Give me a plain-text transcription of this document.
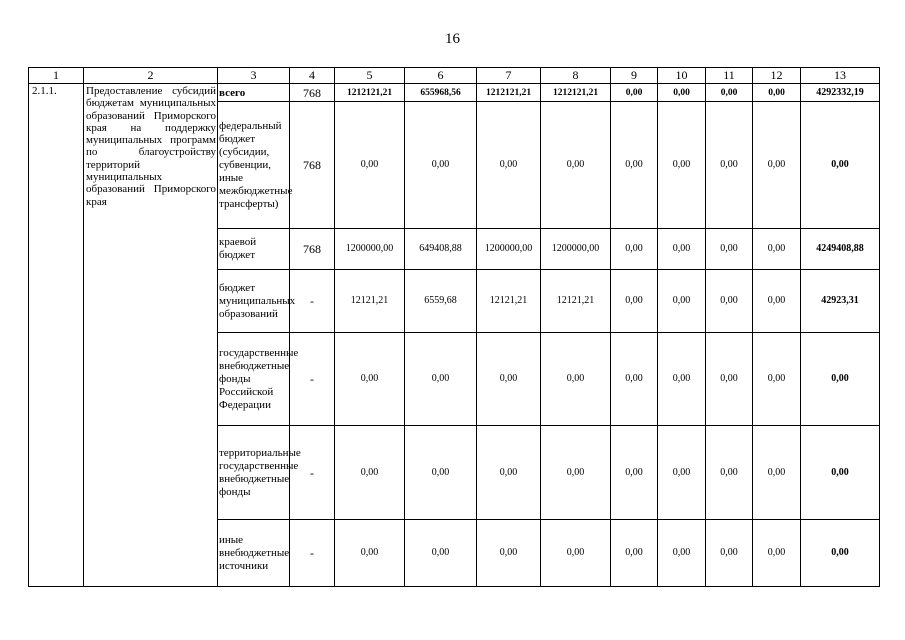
16
1	2	3	4	5	6	7	8	9	10	11	12	13
2.1.1.	Предоставление субсидий бюджетам муниципальных образований Приморского края на поддержку муниципальных программ по благоустройству территорий муниципальных образований Приморского края	всего	768	1212121,21	655968,56	1212121,21	1212121,21	0,00	0,00	0,00	0,00	4292332,19
		федеральный бюджет (субсидии, субвенции, иные межбюджетные трансферты)	768	0,00	0,00	0,00	0,00	0,00	0,00	0,00	0,00	0,00
		краевой бюджет	768	1200000,00	649408,88	1200000,00	1200000,00	0,00	0,00	0,00	0,00	4249408,88
		бюджет муниципальных образований	-	12121,21	6559,68	12121,21	12121,21	0,00	0,00	0,00	0,00	42923,31
		государственные внебюджетные фонды Российской Федерации	-	0,00	0,00	0,00	0,00	0,00	0,00	0,00	0,00	0,00
		территориальные государственные внебюджетные фонды	-	0,00	0,00	0,00	0,00	0,00	0,00	0,00	0,00	0,00
		иные внебюджетные источники	-	0,00	0,00	0,00	0,00	0,00	0,00	0,00	0,00	0,00
